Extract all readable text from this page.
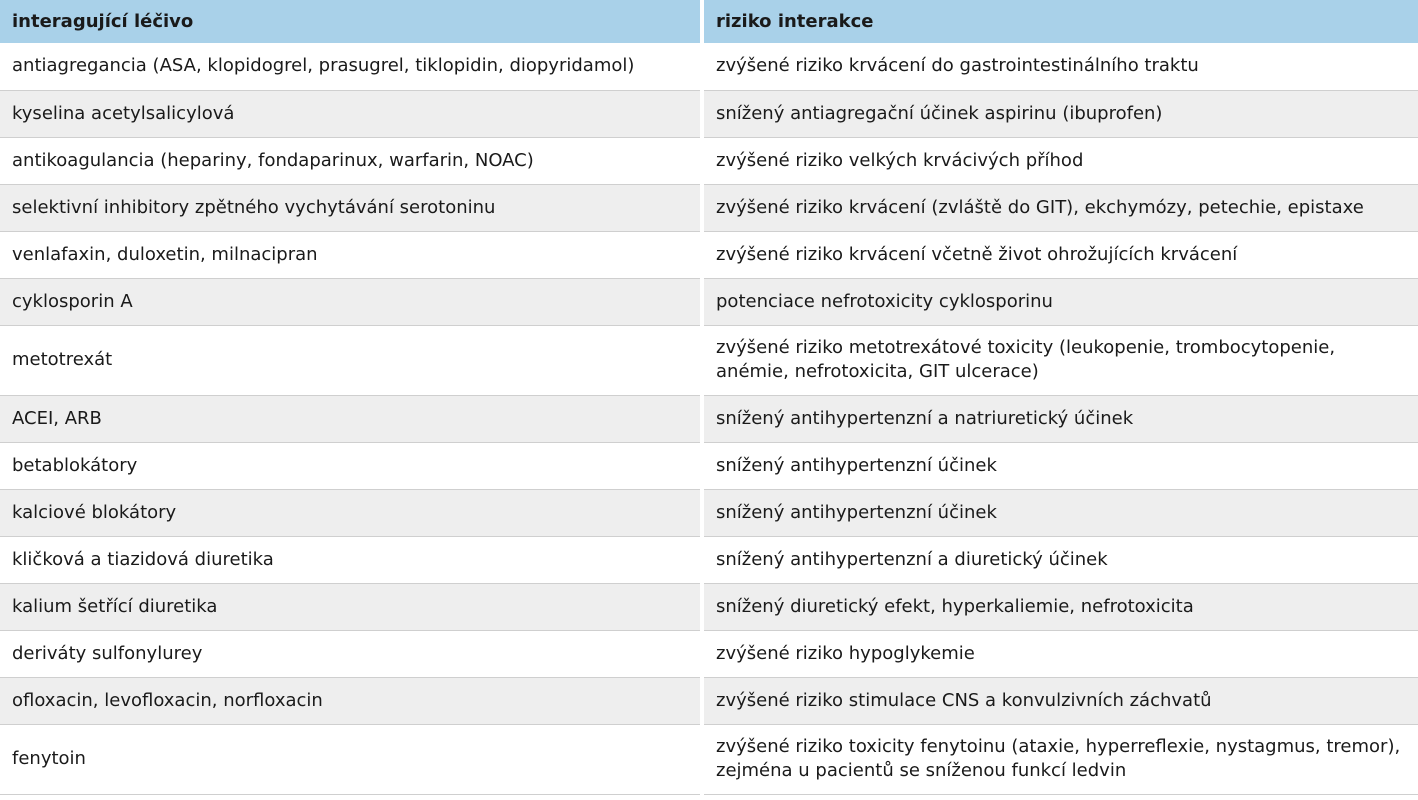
interagující léčivo	riziko interakce
antiagregancia (ASA, klopidogrel, prasugrel, tiklopidin, diopyridamol)	zvýšené riziko krvácení do gastrointestinálního traktu
kyselina acetylsalicylová	snížený antiagregační účinek aspirinu (ibuprofen)
antikoagulancia (hepariny, fondaparinux, warfarin, NOAC)	zvýšené riziko velkých krvácivých příhod
selektivní inhibitory zpětného vychytávání serotoninu	zvýšené riziko krvácení (zvláště do GIT), ekchymózy, petechie, epistaxe
venlafaxin, duloxetin, milnacipran	zvýšené riziko krvácení včetně život ohrožujících krvácení
cyklosporin A	potenciace nefrotoxicity cyklosporinu
metotrexát	zvýšené riziko metotrexátové toxicity (leukopenie, trombocytopenie, anémie, nefrotoxicita, GIT ulcerace)
ACEI, ARB	snížený antihypertenzní a natriuretický účinek
betablokátory	snížený antihypertenzní účinek
kalciové blokátory	snížený antihypertenzní účinek
kličková a tiazidová diuretika	snížený antihypertenzní a diuretický účinek
kalium šetřící diuretika	snížený diuretický efekt, hyperkaliemie, nefrotoxicita
deriváty sulfonylurey	zvýšené riziko hypoglykemie
ofloxacin, levofloxacin, norfloxacin	zvýšené riziko stimulace CNS a konvulzivních záchvatů
fenytoin	zvýšené riziko toxicity fenytoinu (ataxie, hyperreflexie, nystagmus, tremor), zejména u pacientů se sníženou funkcí ledvin
